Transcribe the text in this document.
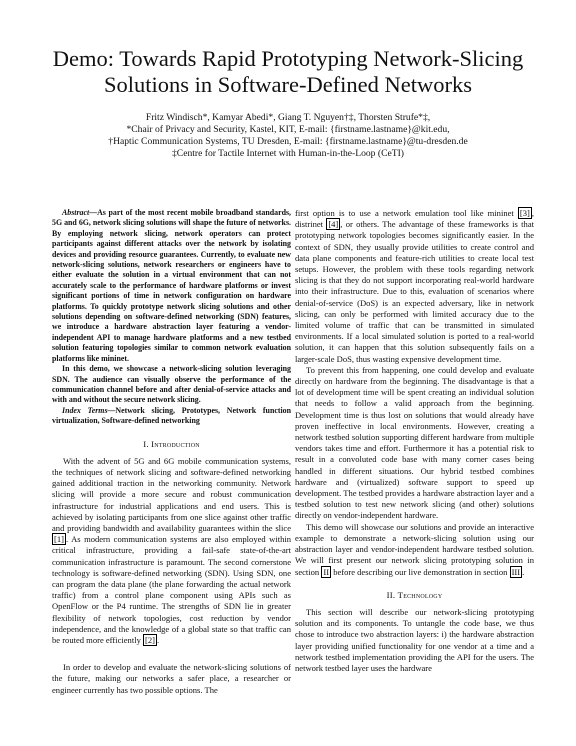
Demo: Towards Rapid Prototyping Network-Slicing
Solutions in Software-Defined Networks
Fritz Windisch*, Kamyar Abedi*, Giang T. Nguyen†‡, Thorsten Strufe*‡,
*Chair of Privacy and Security, Kastel, KIT, E-mail: {firstname.lastname}@kit.edu,
†Haptic Communication Systems, TU Dresden, E-mail: {firstname.lastname}@tu-dresden.de
‡Centre for Tactile Internet with Human-in-the-Loop (CeTI)

Abstract—As part of the most recent mobile broadband standards, 5G and 6G, network slicing solutions will shape the future of networks. By employing network slicing, network operators can protect participants against different attacks over the network by isolating devices and providing resource guarantees. Currently, to evaluate new network-slicing solutions, network researchers or engineers have to either evaluate the solution in a virtual environment that can not accurately scale to the performance of hardware platforms or invest significant portions of time in network configuration on hardware platforms. To quickly prototype network slicing solutions and other solutions depending on software-defined networking (SDN) features, we introduce a hardware abstraction layer featuring a vendor-independent API to manage hardware platforms and a new testbed solution featuring topologies similar to common network evaluation platforms like mininet.

In this demo, we showcase a network-slicing solution leveraging SDN. The audience can visually observe the performance of the communication channel before and after denial-of-service attacks and with and without the secure network slicing.

Index Terms—Network slicing, Prototypes, Network function virtualization, Software-defined networking

I. Introduction

With the advent of 5G and 6G mobile communication systems, the techniques of network slicing and software-defined networking gained additional traction in the networking community. Network slicing will provide a more secure and robust communication infrastructure for industrial applications and end users. This is achieved by isolating participants from one slice against other traffic and providing bandwidth and availability guarantees within the slice [1] . As modern communication systems are also employed within critical infrastructure, providing a fail-safe state-of-the-art communication infrastructure is paramount. The second cornerstone technology is software-defined networking (SDN). Using SDN, one can program the data plane (the plane forwarding the actual network traffic) from a control plane component using APIs such as OpenFlow or the P4 runtime. The strengths of SDN lie in greater flexibility of network topologies, cost reduction by vendor independence, and the knowledge of a global state so that traffic can be routed more efficiently [2] .

In order to develop and evaluate the network-slicing solutions of the future, making our networks a safer place, a researcher or engineer currently has two possible options. The

first option is to use a network emulation tool like mininet [3] , distrinet [4] , or others. The advantage of these frameworks is that prototyping network topologies becomes significantly easier. In the context of SDN, they usually provide utilities to create control and data plane components and feature-rich utilities to create local test setups. However, the problem with these tools regarding network slicing is that they do not support incorporating real-world hardware into their infrastructure. Due to this, evaluation of scenarios where denial-of-service (DoS) is an expected adversary, like in network slicing, can only be performed with limited accuracy due to the limited volume of traffic that can be transmitted in simulated environments. If a local simulated solution is ported to a real-world solution, it can happen that this solution subsequently fails on a larger-scale DoS, thus wasting expensive development time.

To prevent this from happening, one could develop and evaluate directly on hardware from the beginning. The disadvantage is that a lot of development time will be spent creating an individual solution that needs to follow a valid approach from the beginning. Development time is thus lost on solutions that would already have proven ineffective in local environments. However, creating a network testbed solution supporting different hardware from multiple vendors takes time and effort. Furthermore it has a potential risk to result in a convoluted code base with many corner cases being handled in different situations. Our hybrid testbed combines hardware and (virtualized) software support to speed up development. The testbed provides a hardware abstraction layer and a testbed solution to test new network slicing (and other) solutions directly on vendor-independent hardware.

This demo will showcase our solutions and provide an interactive example to demonstrate a network-slicing solution using our abstraction layer and vendor-independent hardware testbed solution. We will first present our network slicing prototyping solution in section II before describing our live demonstration in section III .

II. Technology

This section will describe our network-slicing prototyping solution and its components. To untangle the code base, we thus chose to introduce two abstraction layers: i) the hardware abstraction layer providing unified functionality for one vendor at a time and a network testbed implementation providing the API for the users. The network testbed layer uses the hardware
